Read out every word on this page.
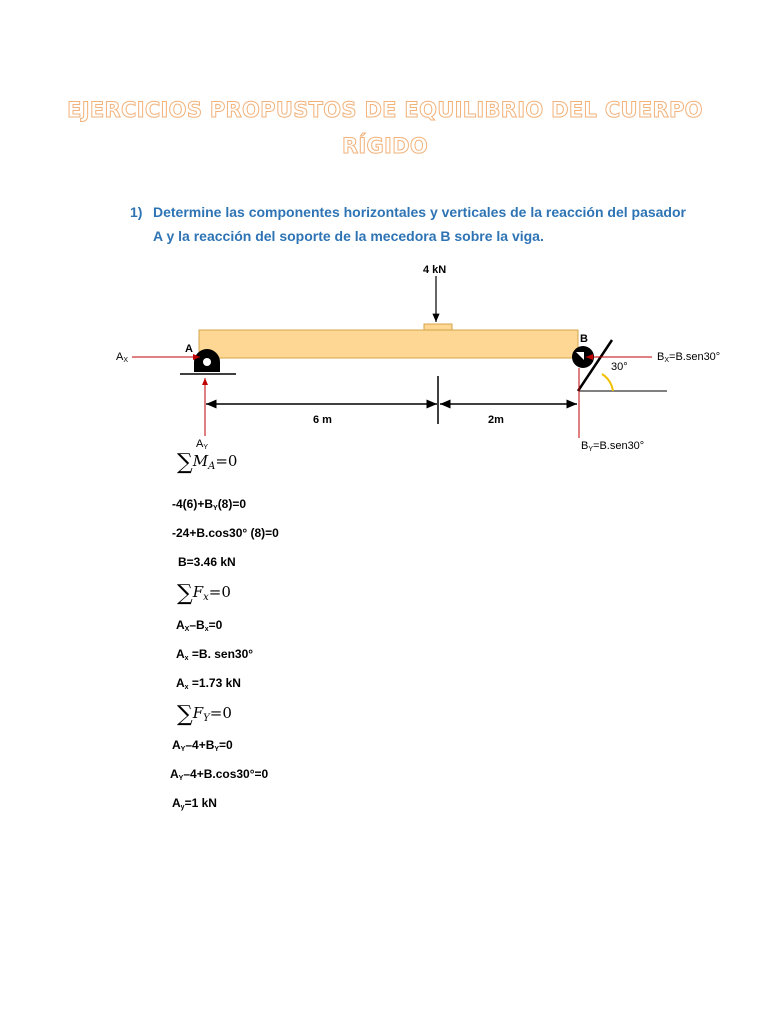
EJERCICIOS PROPUSTOS DE EQUILIBRIO DEL CUERPO RÍGIDO
1) Determine las componentes horizontales y verticales de la reacción del pasador A y la reacción del soporte de la mecedora B sobre la viga.
4 kN
$A_X$
A
B
$B_X=B.sen30^\circ$
30°
6 m	2m
$A_Y$	$B_Y=B.sen30^\circ$
$\sum M_A=0$
$-4(6)+B_Y(8)=0$
-24+B.cos30° (8)=0
B=3.46 kN
$\sum F_x=0$
$A_X-B_x=0$
$A_x =B$. sen30°
$A_x =1.73$ kN
$\sum F_Y=0$
$A_Y-4+B_Y=0$
$A_Y-4+B.\cos 30^\circ=0$
$A_y=1$ kN
